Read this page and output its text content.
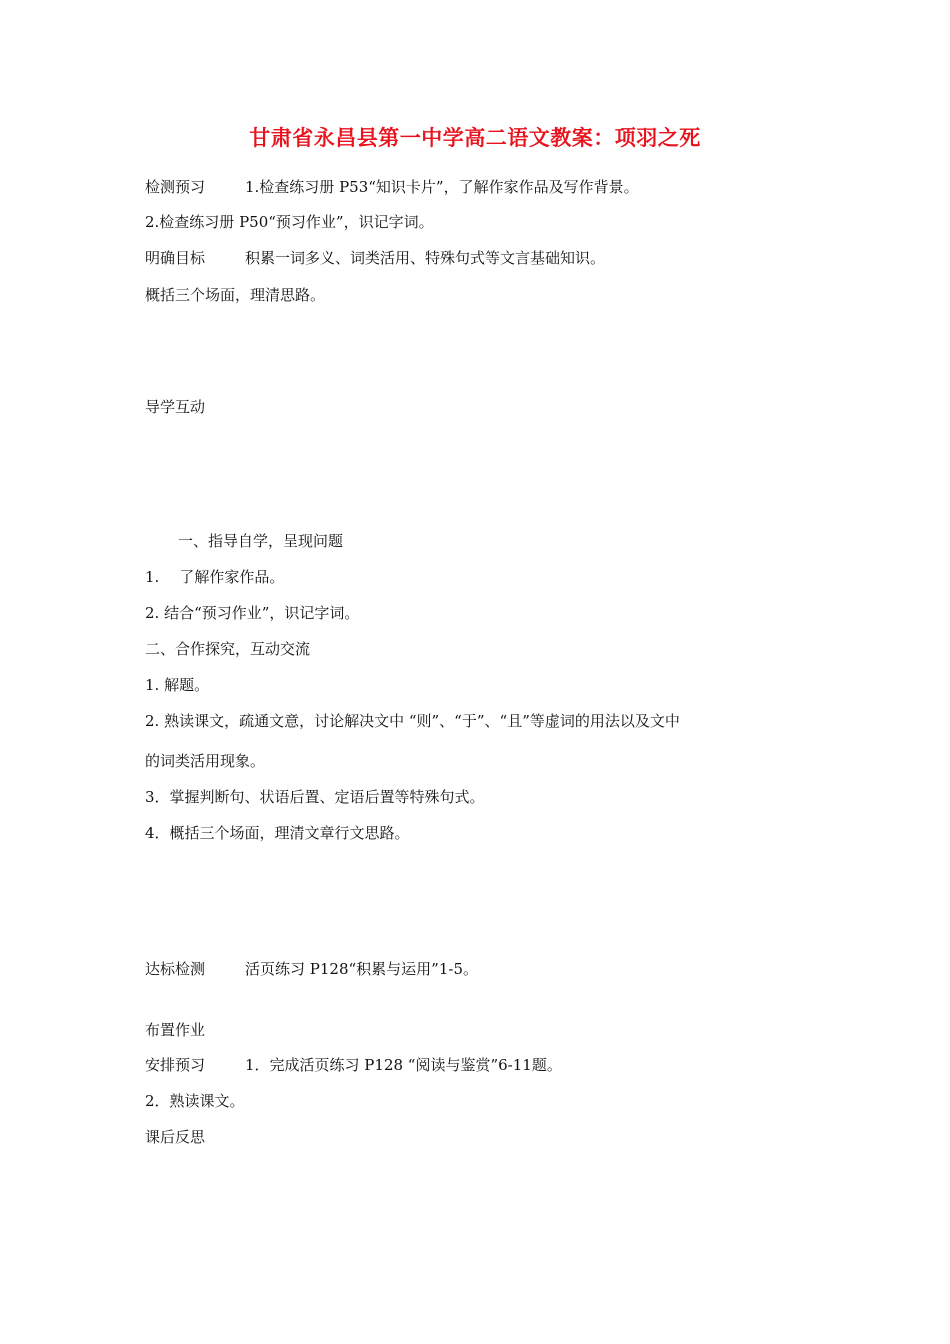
甘肃省永昌县第一中学高二语文教案：项羽之死
检测预习	1.检查练习册 P53“知识卡片”，了解作家作品及写作背景。
2.检查练习册 P50“预习作业”，识记字词。
明确目标	积累一词多义、词类活用、特殊句式等文言基础知识。
概括三个场面，理清思路。
导学互动
一、指导自学，呈现问题
1. 了解作家作品。
2. 结合“预习作业”，识记字词。
二、合作探究，互动交流
1. 解题。
2. 熟读课文，疏通文意，讨论解决文中 “则”、“于”、“且”等虚词的用法以及文中
的词类活用现象。
3．掌握判断句、状语后置、定语后置等特殊句式。
4．概括三个场面，理清文章行文思路。
达标检测	活页练习 P128“积累与运用”1-5。
布置作业
安排预习	1．完成活页练习 P128 “阅读与鉴赏”6-11题。
2．熟读课文。
课后反思
